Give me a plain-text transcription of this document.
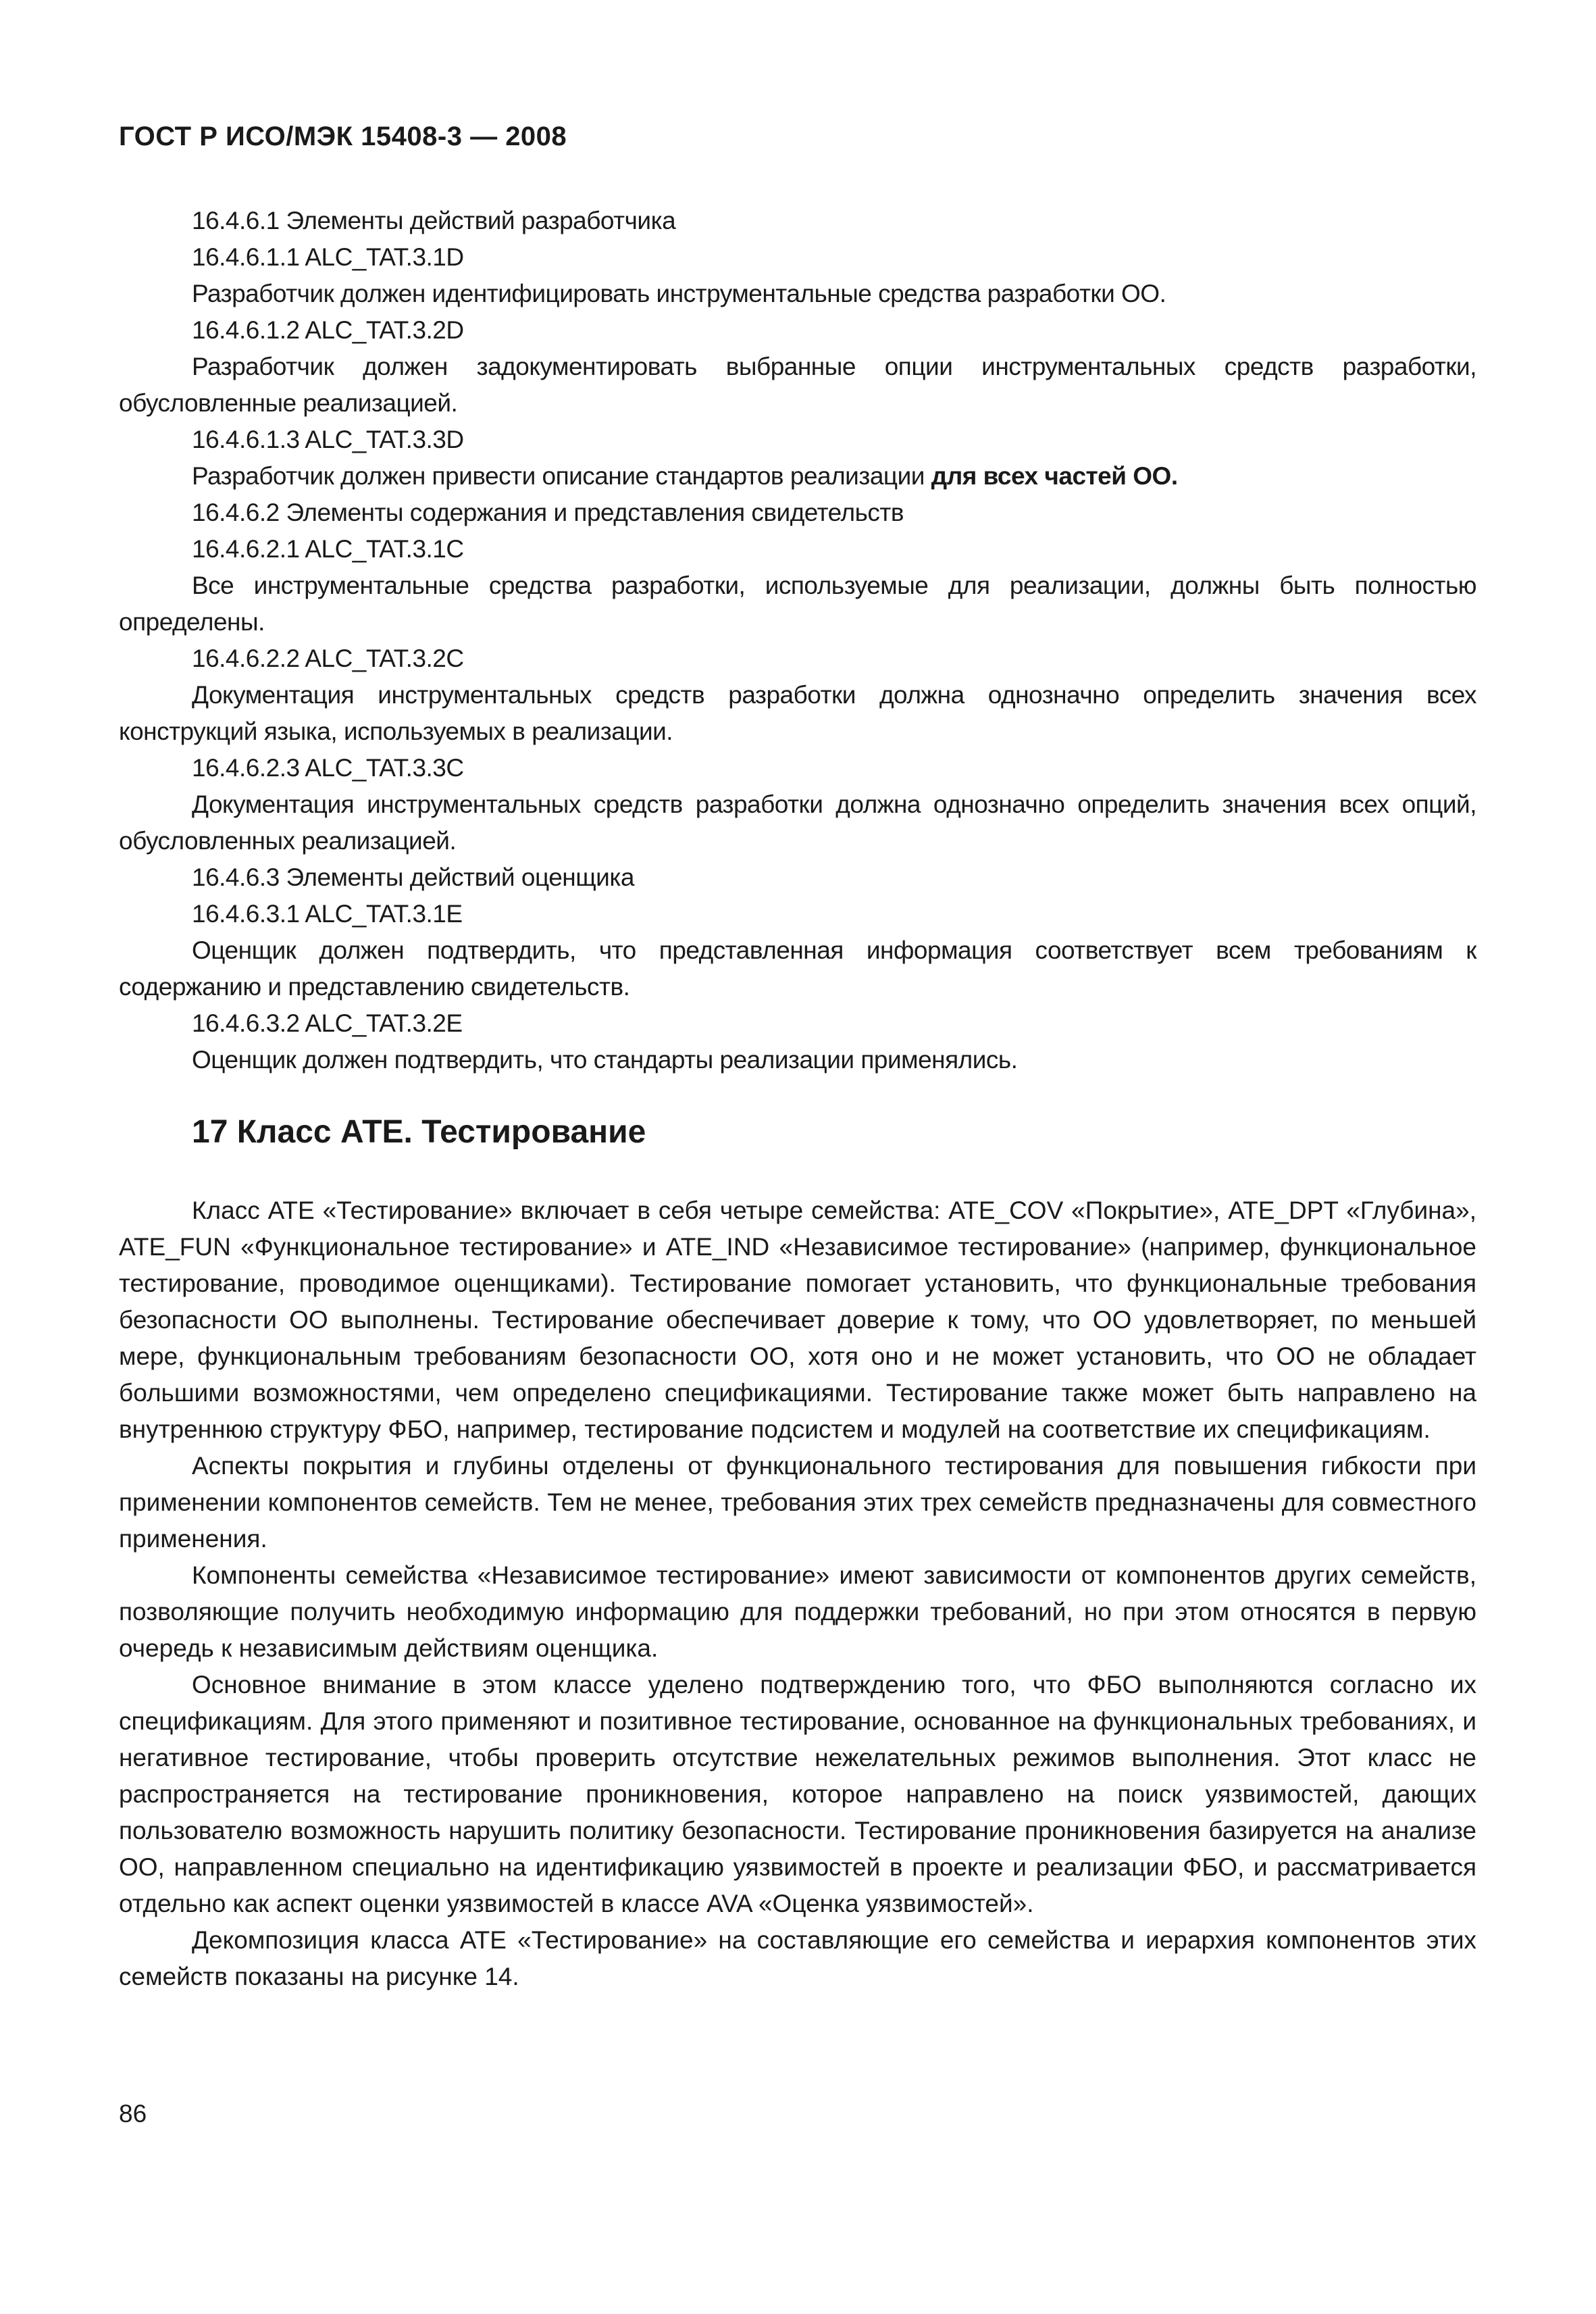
ГОСТ Р ИСО/МЭК 15408-3 — 2008

16.4.6.1 Элементы действий разработчика

16.4.6.1.1 ALC_TAT.3.1D

Разработчик должен идентифицировать инструментальные средства разработки ОО.

16.4.6.1.2 ALC_TAT.3.2D

Разработчик должен задокументировать выбранные опции инструментальных средств разработки, обусловленные реализацией.

16.4.6.1.3 ALC_TAT.3.3D

Разработчик должен привести описание стандартов реализации для всех частей ОО.

16.4.6.2 Элементы содержания и представления свидетельств

16.4.6.2.1 ALC_TAT.3.1C

Все инструментальные средства разработки, используемые для реализации, должны быть полностью определены.

16.4.6.2.2 ALC_TAT.3.2C

Документация инструментальных средств разработки должна однозначно определить значения всех конструкций языка, используемых в реализации.

16.4.6.2.3 ALC_TAT.3.3C

Документация инструментальных средств разработки должна однозначно определить значения всех опций, обусловленных реализацией.

16.4.6.3 Элементы действий оценщика

16.4.6.3.1 ALC_TAT.3.1E

Оценщик должен подтвердить, что представленная информация соответствует всем требованиям к содержанию и представлению свидетельств.

16.4.6.3.2 ALC_TAT.3.2E

Оценщик должен подтвердить, что стандарты реализации применялись.

17 Класс АТЕ. Тестирование

Класс АТЕ «Тестирование» включает в себя четыре семейства: ATE_COV «Покрытие», ATE_DPT «Глубина», ATE_FUN «Функциональное тестирование» и ATE_IND «Независимое тестирование» (например, функциональное тестирование, проводимое оценщиками). Тестирование помогает установить, что функциональные требования безопасности ОО выполнены. Тестирование обеспечивает доверие к тому, что ОО удовлетворяет, по меньшей мере, функциональным требованиям безопасности ОО, хотя оно и не может установить, что ОО не обладает большими возможностями, чем определено спецификациями. Тестирование также может быть направлено на внутреннюю структуру ФБО, например, тестирование подсистем и модулей на соответствие их спецификациям.

Аспекты покрытия и глубины отделены от функционального тестирования для повышения гибкости при применении компонентов семейств. Тем не менее, требования этих трех семейств предназначены для совместного применения.

Компоненты семейства «Независимое тестирование» имеют зависимости от компонентов других семейств, позволяющие получить необходимую информацию для поддержки требований, но при этом относятся в первую очередь к независимым действиям оценщика.

Основное внимание в этом классе уделено подтверждению того, что ФБО выполняются согласно их спецификациям. Для этого применяют и позитивное тестирование, основанное на функциональных требованиях, и негативное тестирование, чтобы проверить отсутствие нежелательных режимов выполнения. Этот класс не распространяется на тестирование проникновения, которое направлено на поиск уязвимостей, дающих пользователю возможность нарушить политику безопасности. Тестирование проникновения базируется на анализе ОО, направленном специально на идентификацию уязвимостей в проекте и реализации ФБО, и рассматривается отдельно как аспект оценки уязвимостей в классе AVA «Оценка уязвимостей».

Декомпозиция класса АТЕ «Тестирование» на составляющие его семейства и иерархия компонентов этих семейств показаны на рисунке 14.

86
